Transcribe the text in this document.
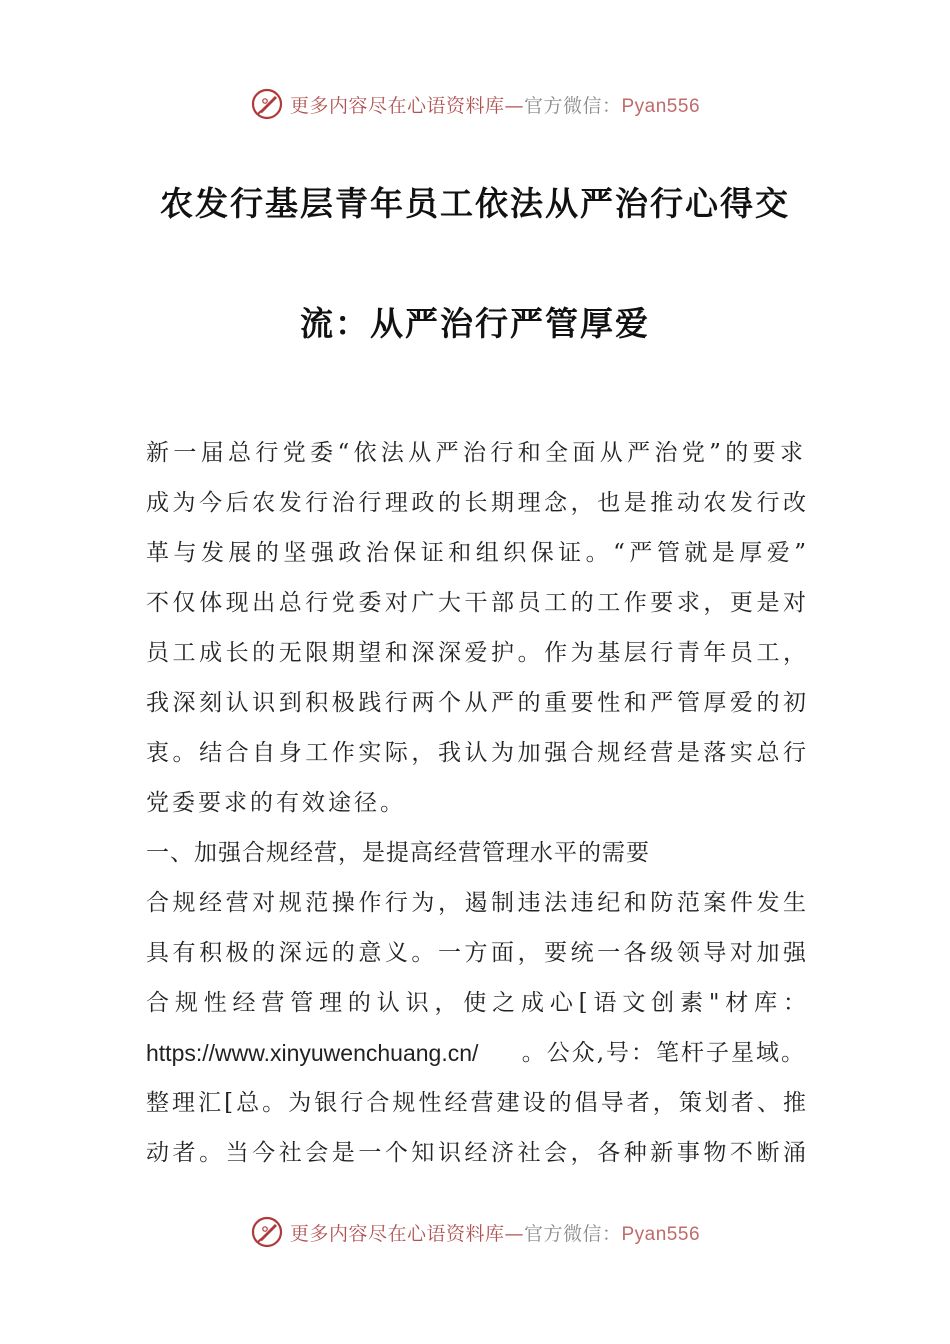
更多内容尽在心语资料库—官方微信：Pyan556
农发行基层青年员工依法从严治行心得交
流：从严治行严管厚爱
新一届总行党委“依法从严治行和全面从严治党”的要求
成为今后农发行治行理政的长期理念，也是推动农发行改
革与发展的坚强政治保证和组织保证。“严管就是厚爱”
不仅体现出总行党委对广大干部员工的工作要求，更是对
员工成长的无限期望和深深爱护。作为基层行青年员工，
我深刻认识到积极践行两个从严的重要性和严管厚爱的初
衷。结合自身工作实际，我认为加强合规经营是落实总行
党委要求的有效途径。
一、加强合规经营，是提高经营管理水平的需要
合规经营对规范操作行为，遏制违法违纪和防范案件发生
具有积极的深远的意义。一方面，要统一各级领导对加强
合规性经营管理的认识，使之成心[语文创素"材库：
https://www.xinyuwenchuang.cn/ 。公众,号：笔杆子星域。
整理汇[总。为银行合规性经营建设的倡导者，策划者、推
动者。当今社会是一个知识经济社会，各种新事物不断涌
更多内容尽在心语资料库—官方微信：Pyan556
